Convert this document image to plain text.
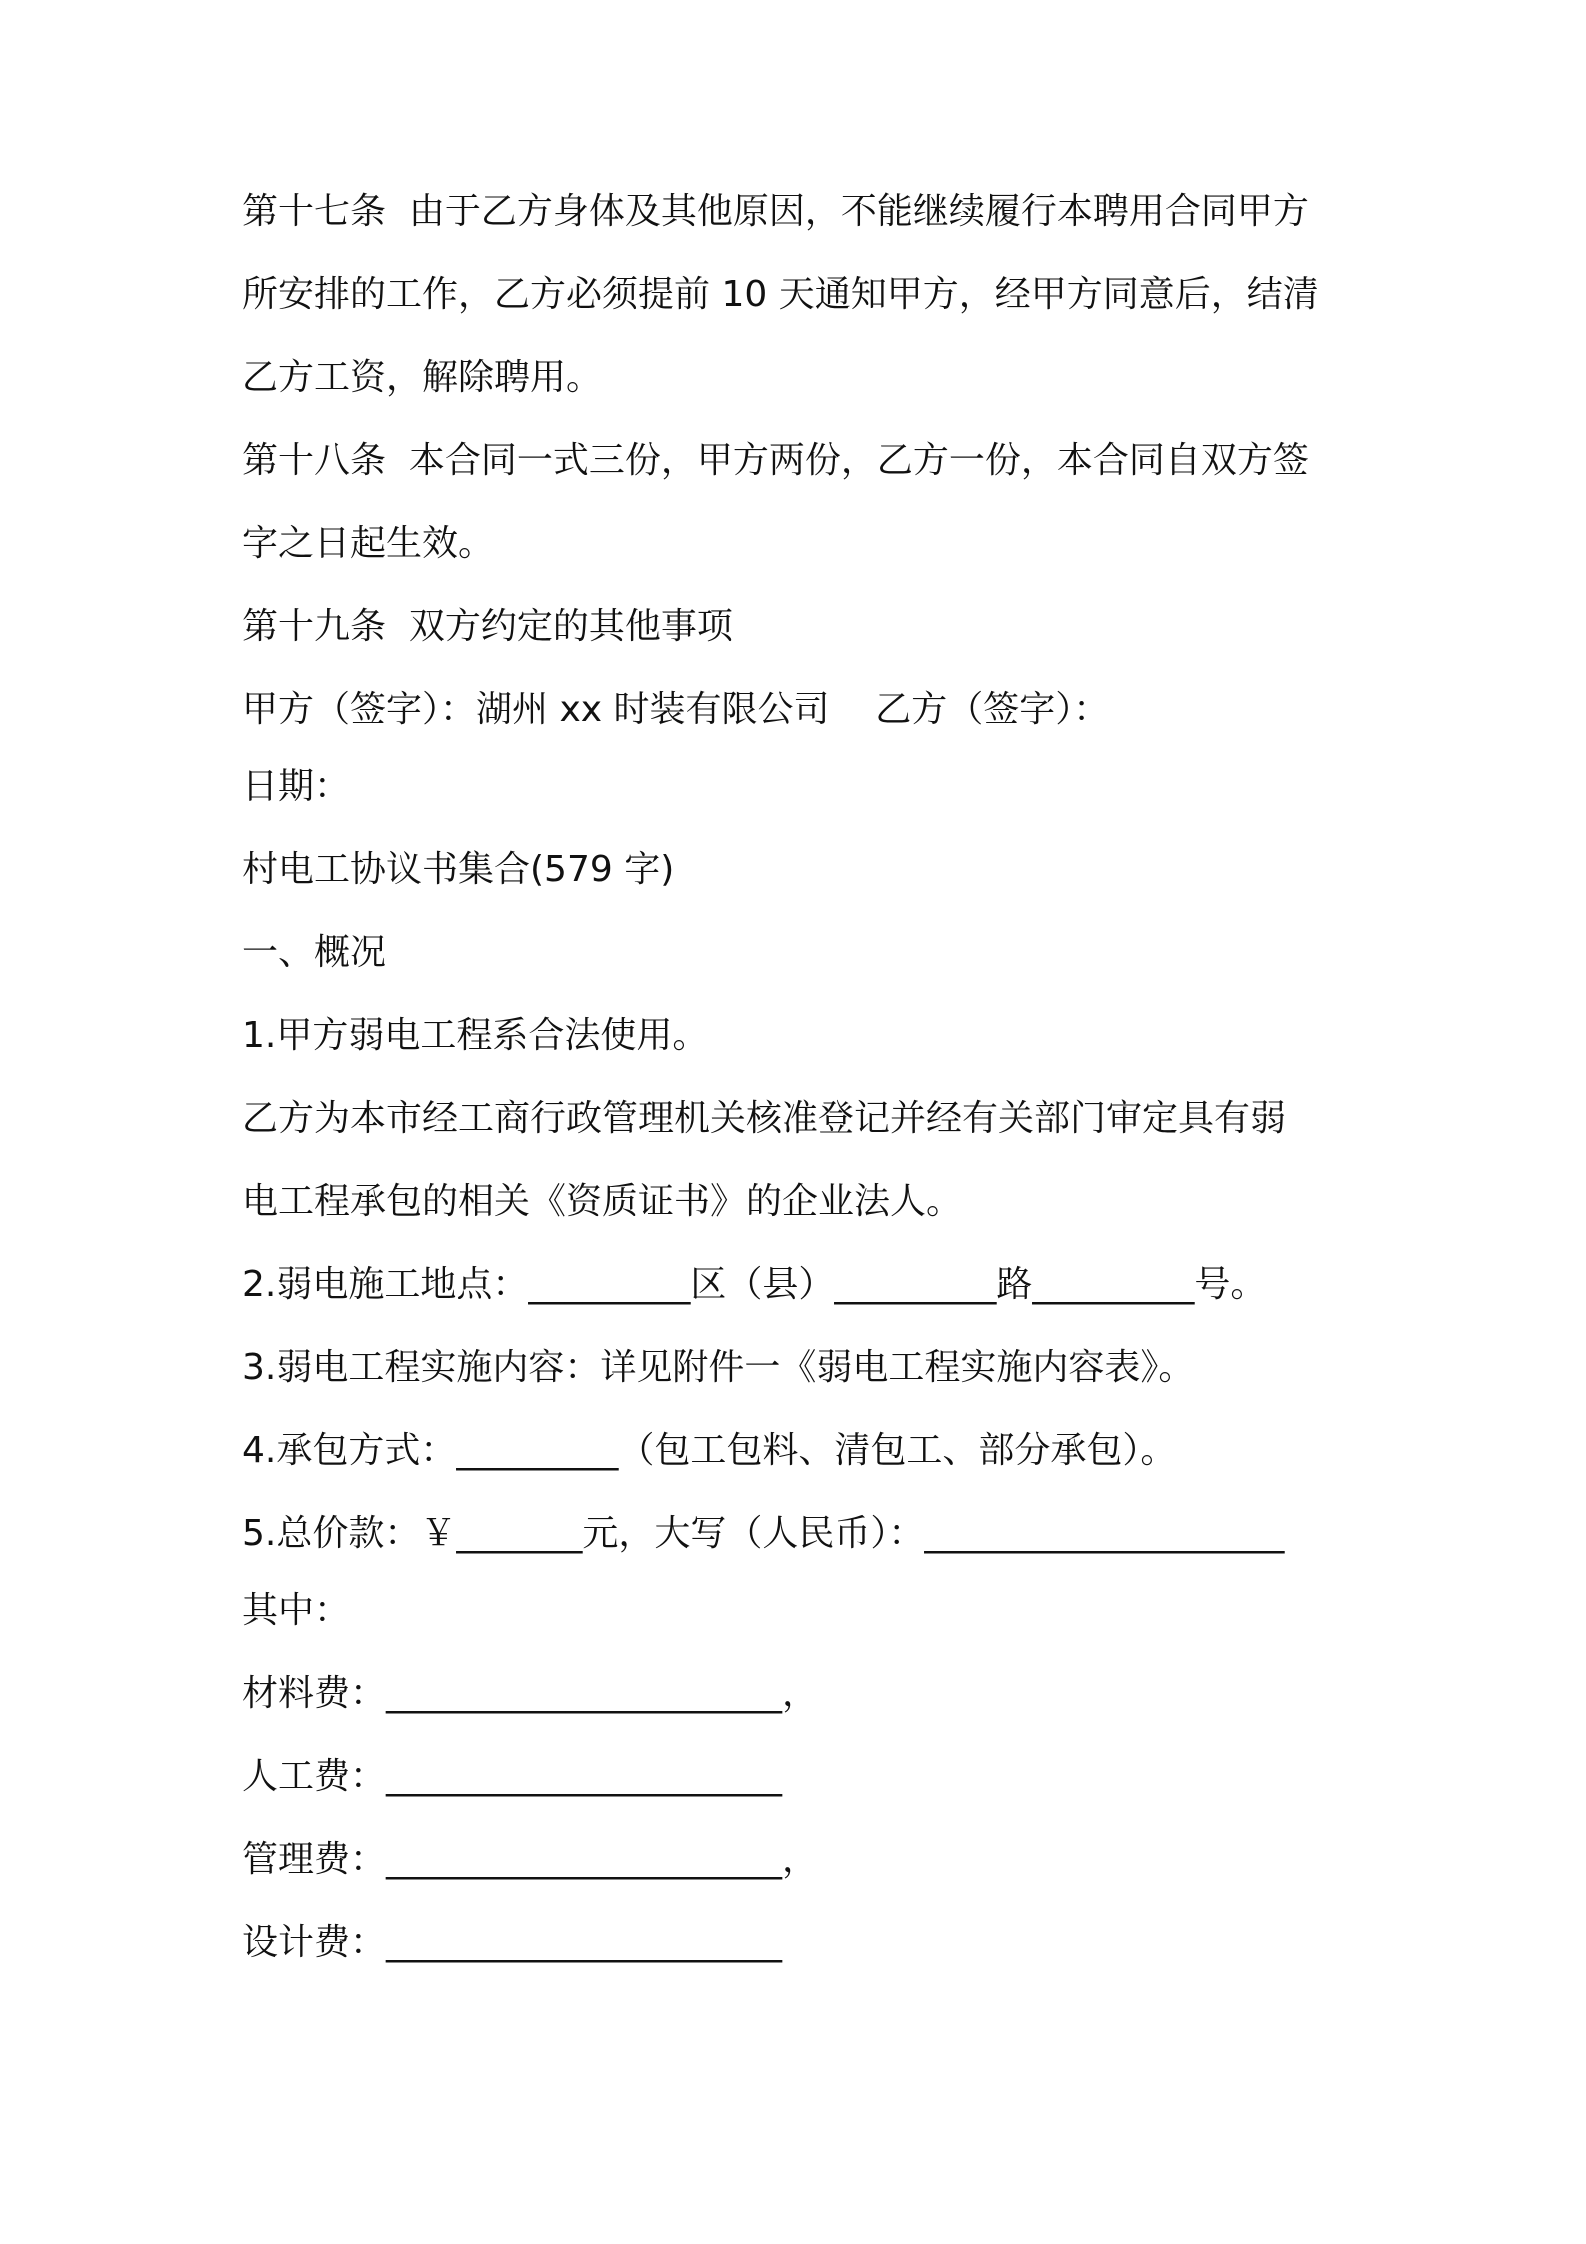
第十七条  由于乙方身体及其他原因，不能继续履行本聘用合同甲方

所安排的工作，乙方必须提前 10 天通知甲方，经甲方同意后，结清

乙方工资，解除聘用。

第十八条  本合同一式三份，甲方两份，乙方一份，本合同自双方签

字之日起生效。

第十九条  双方约定的其他事项

甲方（签字）：湖州 xx 时装有限公司    乙方（签字）：

日期：

村电工协议书集合(579 字)

一、概况

1.甲方弱电工程系合法使用。

乙方为本市经工商行政管理机关核准登记并经有关部门审定具有弱

电工程承包的相关《资质证书》的企业法人。

2.弱电施工地点：_________区（县）_________路_________号。

3.弱电工程实施内容：详见附件一《弱电工程实施内容表》。

4.承包方式：_________（包工包料、清包工、部分承包）。

5.总价款：￥_______元，大写（人民币）：____________________

其中：

材料费：______________________，

人工费：______________________

管理费：______________________，

设计费：______________________
